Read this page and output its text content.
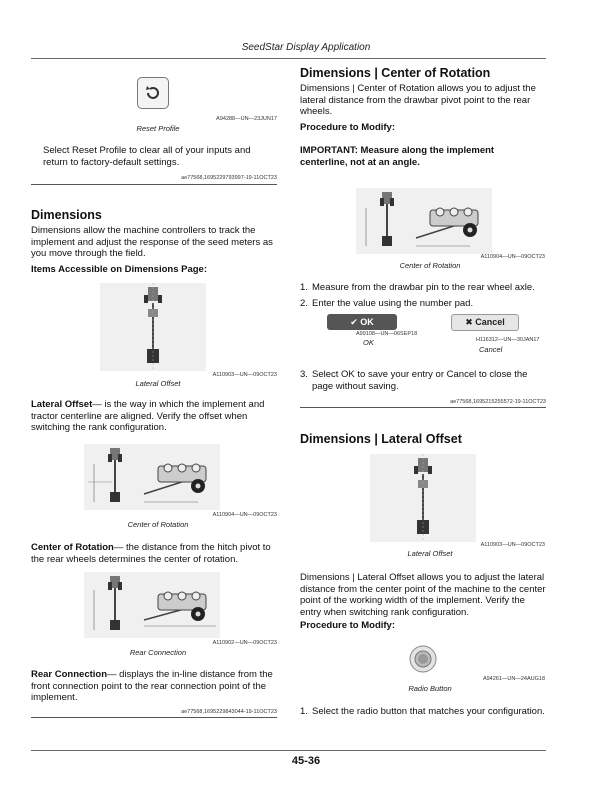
SeedStar Display Application
A94288—UN—23JUN17
Reset Profile

Select Reset Profile to clear all of your inputs and return to factory-default settings.

ae77568,1695229793997-19-11OCT23
Dimensions

Dimensions allow the machine controllers to track the implement and adjust the response of the seed meters as you move through the field.

Items Accessible on Dimensions Page:

A110903—UN—09OCT23
Lateral Offset

Lateral Offset— is the way in which the implement and tractor centerline are aligned. Verify the offset when switching the rank configuration.

A110904—UN—09OCT23
Center of Rotation

Center of Rotation— the distance from the hitch pivot to the rear wheels determines the center of rotation.

A110902—UN—09OCT23
Rear Connection

Rear Connection— displays the in-line distance from the front connection point to the rear connection point of the implement.

ae77568,1695229843044-19-11OCT23
Dimensions | Center of Rotation

Dimensions | Center of Rotation allows you to adjust the lateral distance from the drawbar pivot point to the rear wheels.

Procedure to Modify:

IMPORTANT: Measure along the implement centerline, not at an angle.

A110904—UN—09OCT23
Center of Rotation
1. Measure from the drawbar pin to the rear wheel axle.
2. Enter the value using the number pad.
✔ OK
A99108—UN—06SEP18
OK
✖ Cancel
H116312—UN—30JAN17
Cancel
3. Select OK to save your entry or Cancel to close the page without saving.
ae77568,1695215255572-19-11OCT23
Dimensions | Lateral Offset
A110903—UN—09OCT23
Lateral Offset

Dimensions | Lateral Offset allows you to adjust the lateral distance from the center point of the machine to the center point of the working width of the implement. Verify the entry when switching rank configuration.

Procedure to Modify:

A94261—UN—24AUG18
Radio Button
1. Select the radio button that matches your configuration.
45-36
